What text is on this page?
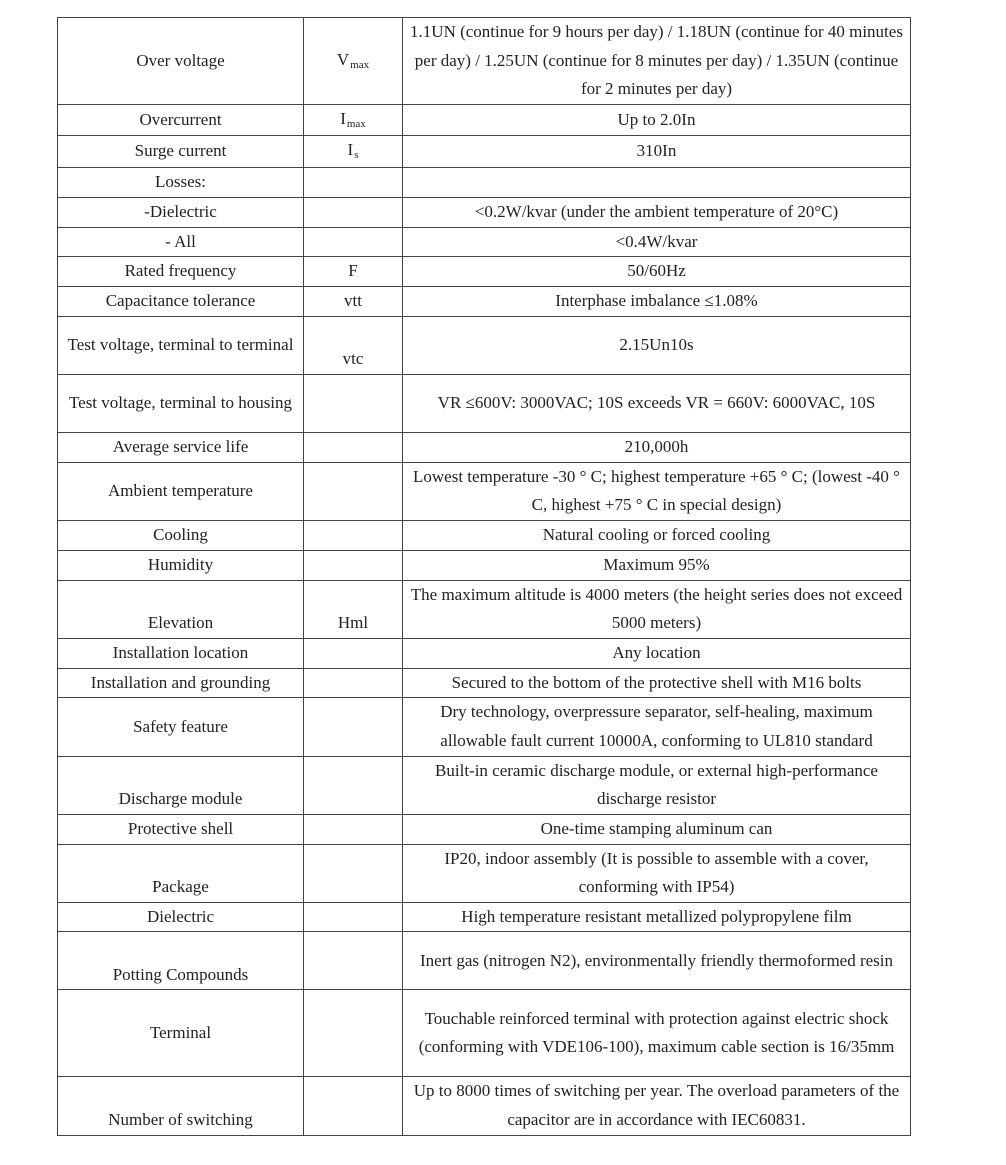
Over voltage	Vmax	1.1UN (continue for 9 hours per day) / 1.18UN (continue for 40 minutes per day) / 1.25UN (continue for 8 minutes per day) / 1.35UN (continue for 2 minutes per day)
Overcurrent	Imax	Up to 2.0In
Surge current	Is	310In
Losses:		
-Dielectric		<0.2W/kvar (under the ambient temperature of 20°C)
- All		<0.4W/kvar
Rated frequency	F	50/60Hz
Capacitance tolerance	vtt	Interphase imbalance ≤1.08%
Test voltage, terminal to terminal	vtc	2.15Un10s
Test voltage, terminal to housing		VR ≤600V: 3000VAC; 10S exceeds VR = 660V: 6000VAC, 10S
Average service life		210,000h
Ambient temperature		Lowest temperature -30 ° C; highest temperature +65 ° C; (lowest -40 ° C, highest +75 ° C in special design)
Cooling		Natural cooling or forced cooling
Humidity		Maximum 95%
Elevation	Hml	The maximum altitude is 4000 meters (the height series does not exceed 5000 meters)
Installation location		Any location
Installation and grounding		Secured to the bottom of the protective shell with M16 bolts
Safety feature		Dry technology, overpressure separator, self-healing, maximum allowable fault current 10000A, conforming to UL810 standard
Discharge module		Built-in ceramic discharge module, or external high-performance discharge resistor
Protective shell		One-time stamping aluminum can
Package		IP20, indoor assembly (It is possible to assemble with a cover, conforming with IP54)
Dielectric		High temperature resistant metallized polypropylene film
Potting Compounds		Inert gas (nitrogen N2), environmentally friendly thermoformed resin
Terminal		Touchable reinforced terminal with protection against electric shock (conforming with VDE106-100), maximum cable section is 16/35mm
Number of switching		Up to 8000 times of switching per year. The overload parameters of the capacitor are in accordance with IEC60831.
